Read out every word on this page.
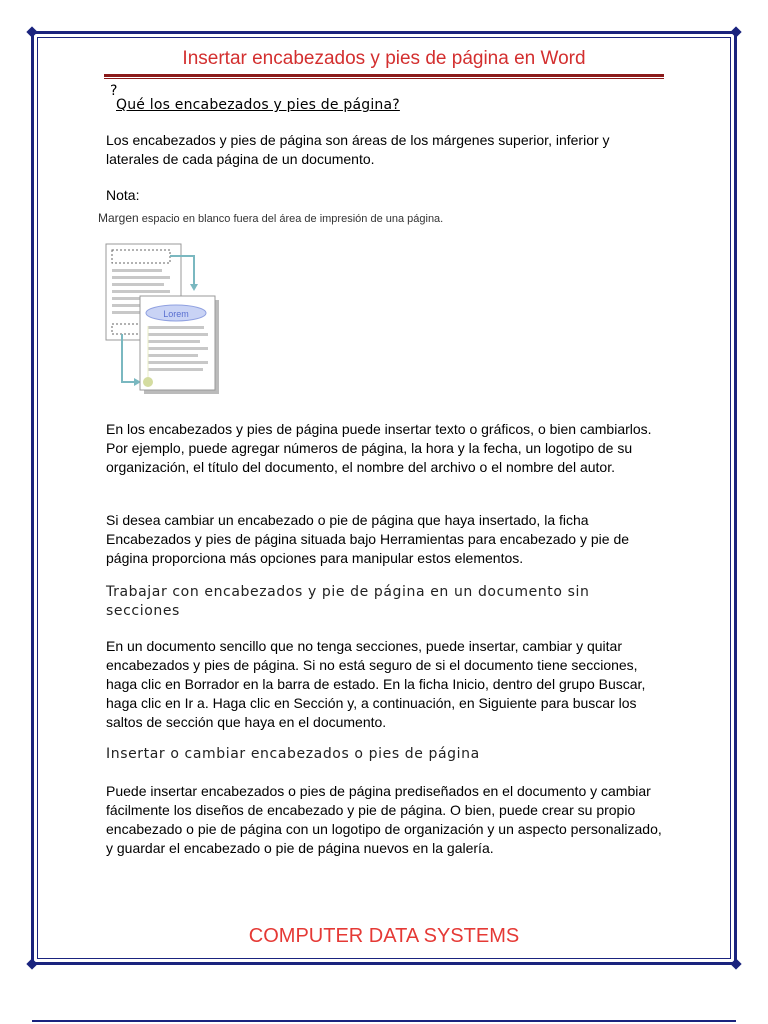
Insertar encabezados y pies de página en Word
?
Qué los encabezados y pies de página?
Los encabezados y pies de página son áreas de los márgenes superior, inferior y laterales de cada página de un documento.
Nota:
Margen espacio en blanco fuera del área de impresión de una página.
Lorem
En los encabezados y pies de página puede insertar texto o gráficos, o bien cambiarlos. Por ejemplo, puede agregar números de página, la hora y la fecha, un logotipo de su organización, el título del documento, el nombre del archivo o el nombre del autor.
Si desea cambiar un encabezado o pie de página que haya insertado, la ficha Encabezados y pies de página situada bajo Herramientas para encabezado y pie de página proporciona más opciones para manipular estos elementos.
Trabajar con encabezados y pie de página en un documento sin secciones
En un documento sencillo que no tenga secciones, puede insertar, cambiar y quitar encabezados y pies de página. Si no está seguro de si el documento tiene secciones, haga clic en Borrador en la barra de estado. En la ficha Inicio, dentro del grupo Buscar, haga clic en Ir a. Haga clic en Sección y, a continuación, en Siguiente para buscar los saltos de sección que haya en el documento.
Insertar o cambiar encabezados o pies de página
Puede insertar encabezados o pies de página prediseñados en el documento y cambiar fácilmente los diseños de encabezado y pie de página. O bien, puede crear su propio encabezado o pie de página con un logotipo de organización y un aspecto personalizado, y guardar el encabezado o pie de página nuevos en la galería.
COMPUTER DATA SYSTEMS
